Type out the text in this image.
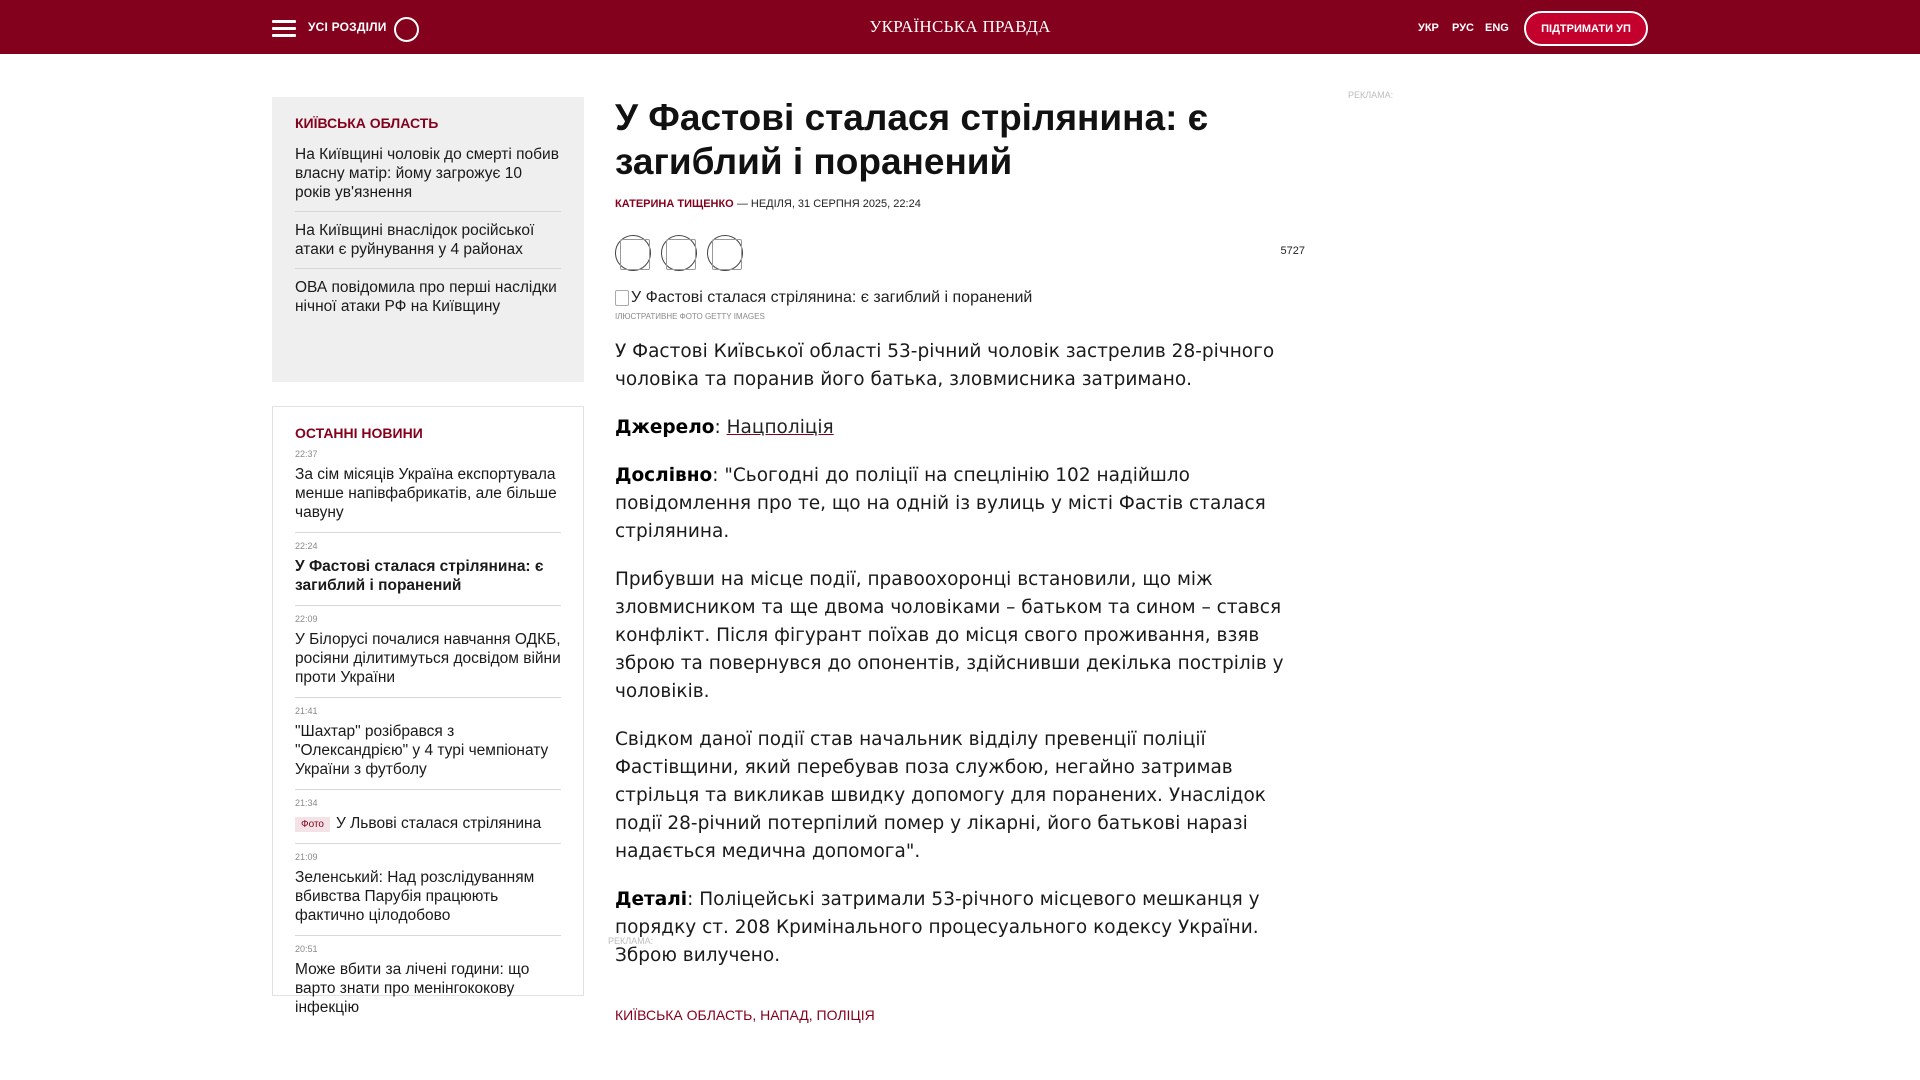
УСІ РОЗДІЛИ	УКРАЇНСЬКА ПРАВДА	УКР РУС ENG	ПІДТРИМАТИ УП
КИЇВСЬКА ОБЛАСТЬ
На Київщині чоловік до смерті побив власну матір: йому загрожує 10 років ув'язнення
На Київщині внаслідок російської атаки є руйнування у 4 районах
ОВА повідомила про перші наслідки нічної атаки РФ на Київщину
ОСТАННІ НОВИНИ
22:37
За сім місяців Україна експортувала менше напівфабрикатів, але більше чавуну
22:24
У Фастові сталася стрілянина: є загиблий і поранений
22:09
У Білорусі почалися навчання ОДКБ, росіяни ділитимуться досвідом війни проти України
21:41
"Шахтар" розібрався з "Олександрією" у 4 турі чемпіонату України з футболу
21:34
Фото У Львові сталася стрілянина
21:09
Зеленський: Над розслідуванням вбивства Парубія працюють фактично цілодобово
20:51
Може вбити за лічені години: що варто знати про менінгококову інфекцію
У Фастові сталася стрілянина: є загиблий і поранений
КАТЕРИНА ТИЩЕНКО — НЕДІЛЯ, 31 СЕРПНЯ 2025, 22:24
5727
У Фастові сталася стрілянина: є загиблий і поранений
ІЛЮСТРАТИВНЕ ФОТО GETTY IMAGES

У Фастові Київської області 53-річний чоловік застрелив 28-річного чоловіка та поранив його батька, зловмисника затримано.

Джерело: Нацполіція

Дослівно: "Сьогодні до поліції на спецлінію 102 надійшло повідомлення про те, що на одній із вулиць у місті Фастів сталася стрілянина.

Прибувши на місце події, правоохоронці встановили, що між зловмисником та ще двома чоловіками – батьком та сином – стався конфлікт. Після фігурант поїхав до місця свого проживання, взяв зброю та повернувся до опонентів, здійснивши декілька пострілів у чоловіків.

Свідком даної події став начальник відділу превенції поліції Фастівщини, який перебував поза службою, негайно затримав стрільця та викликав швидку допомогу для поранених. Унаслідок події 28-річний потерпілий помер у лікарні, його батькові наразі надається медична допомога".

Деталі: Поліцейські затримали 53-річного місцевого мешканця у порядку ст. 208 Кримінального процесуального кодексу України. Зброю вилучено.

КИЇВСЬКА ОБЛАСТЬ, НАПАД, ПОЛІЦІЯ
РЕКЛАМА:
РЕКЛАМА:
